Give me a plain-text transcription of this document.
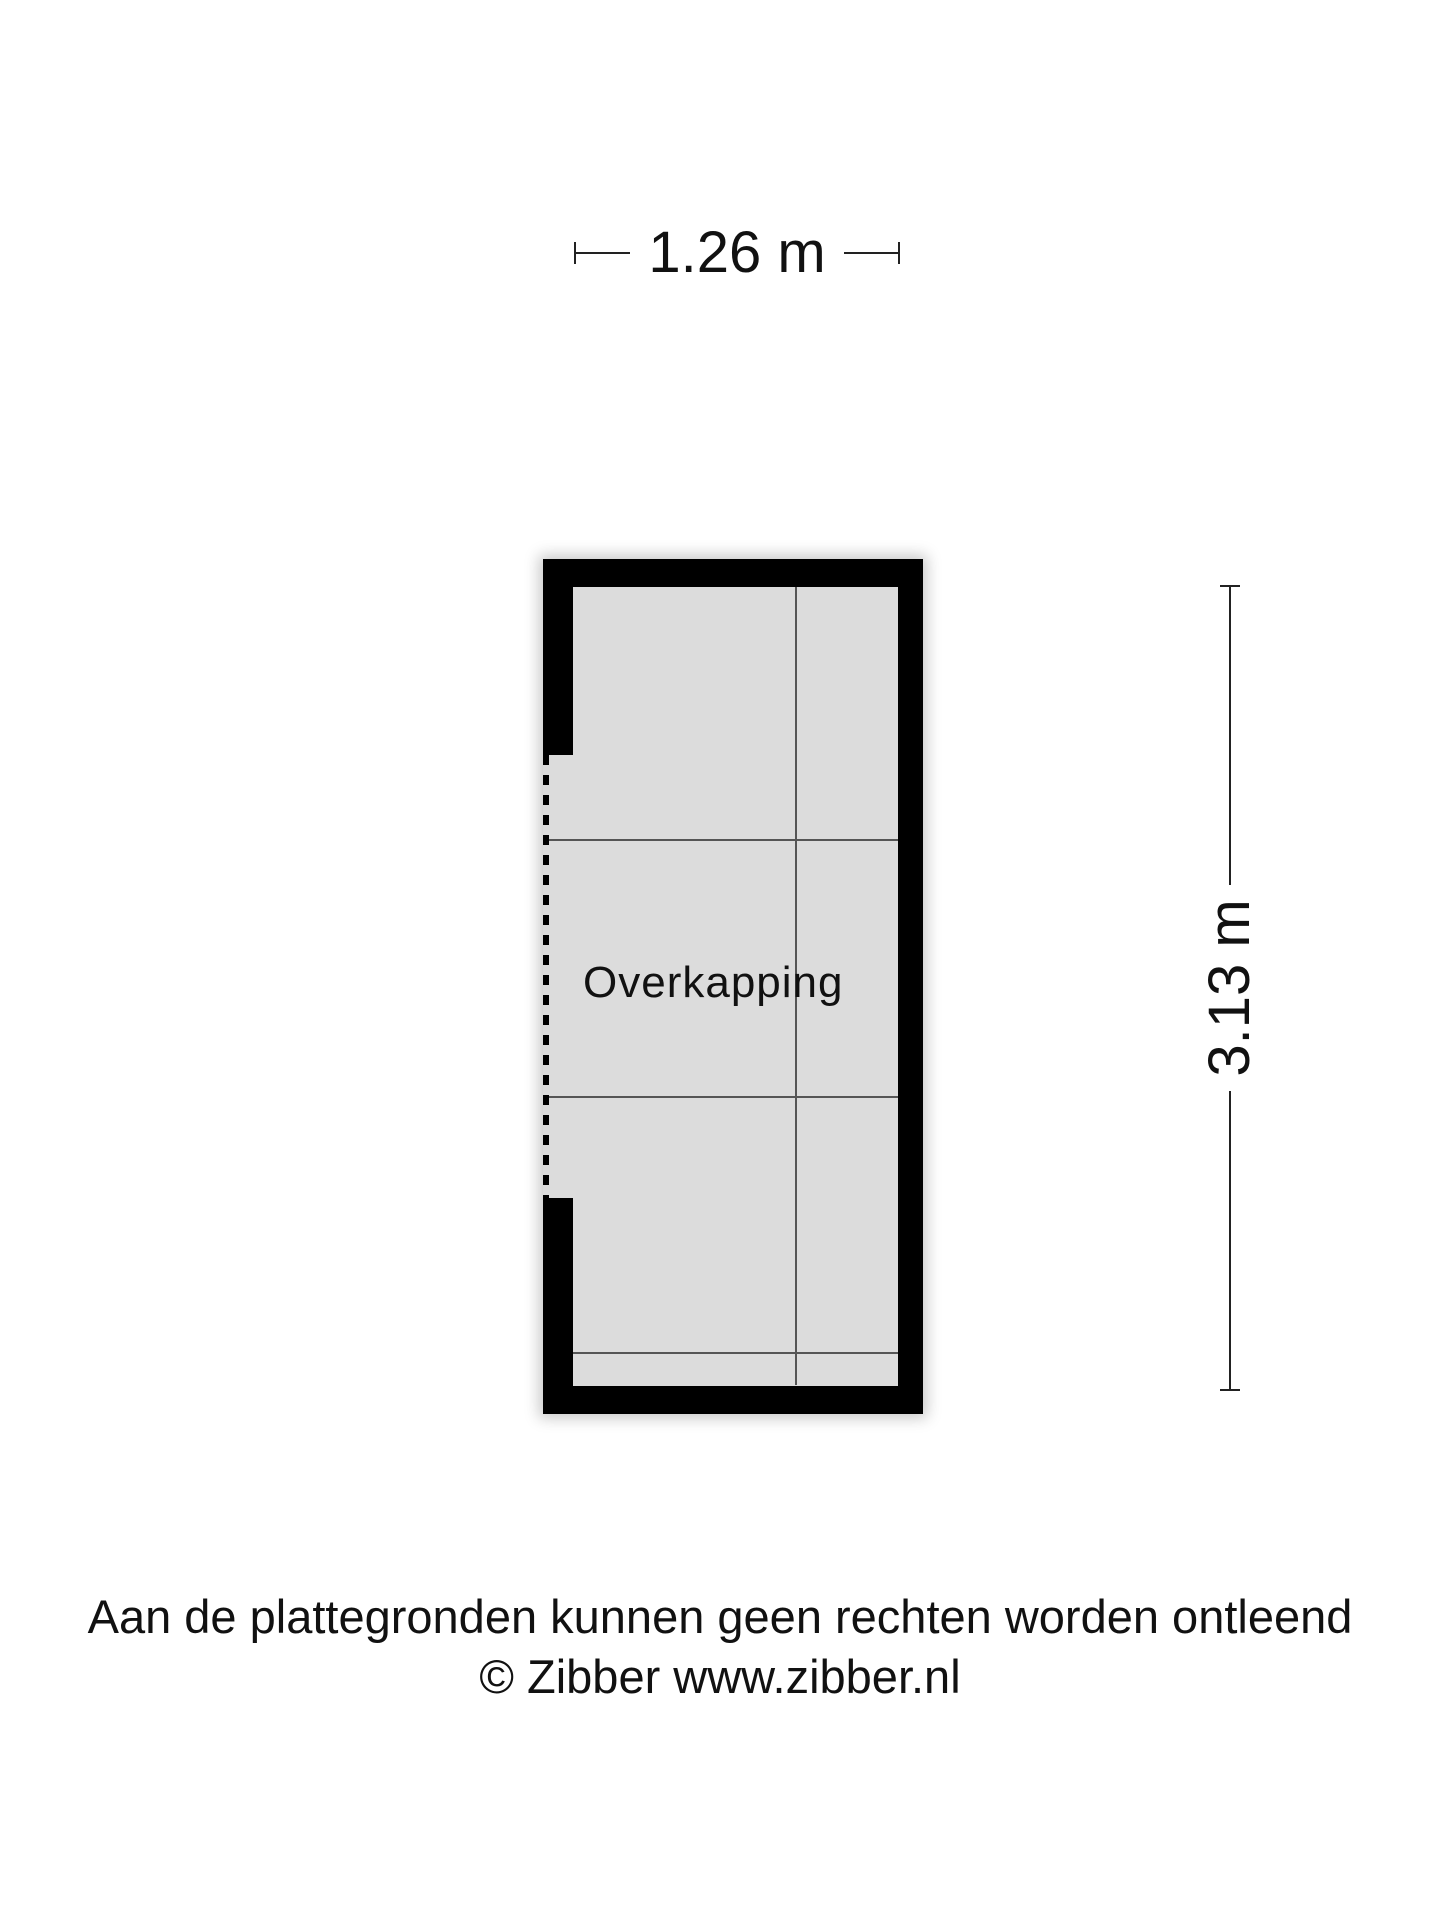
1.26 m
Overkapping	3.13 m
Aan de plattegronden kunnen geen rechten worden ontleend
© Zibber www.zibber.nl
